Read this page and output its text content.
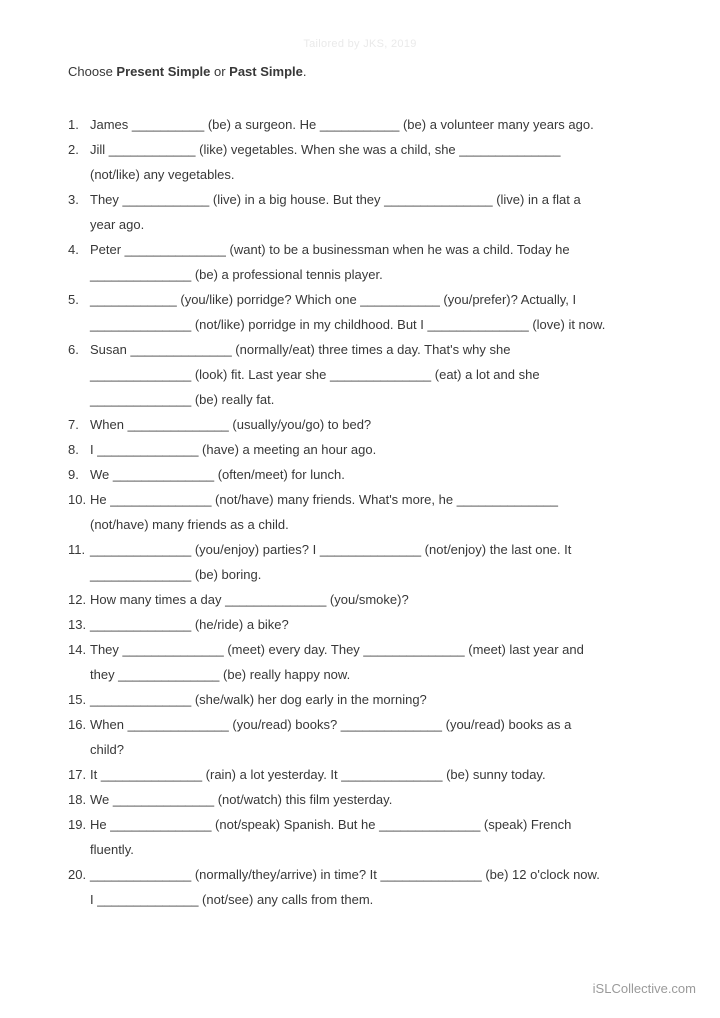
Tailored by JKS, 2019
Choose Present Simple or Past Simple.
1. James __________ (be) a surgeon. He ___________ (be) a volunteer many years ago.
2. Jill ____________ (like) vegetables. When she was a child, she ______________
(not/like) any vegetables.
3. They ____________ (live) in a big house. But they _______________ (live) in a flat a
year ago.
4. Peter ______________ (want) to be a businessman when he was a child. Today he
______________ (be) a professional tennis player.
5. ____________ (you/like) porridge? Which one ___________ (you/prefer)? Actually, I
______________ (not/like) porridge in my childhood. But I ______________ (love) it now.
6. Susan ______________ (normally/eat) three times a day. That's why she
______________ (look) fit. Last year she ______________ (eat) a lot and she
______________ (be) really fat.
7. When ______________ (usually/you/go) to bed?
8. I ______________ (have) a meeting an hour ago.
9. We ______________ (often/meet) for lunch.
10. He ______________ (not/have) many friends. What's more, he ______________
(not/have) many friends as a child.
11. ______________ (you/enjoy) parties? I ______________ (not/enjoy) the last one. It
______________ (be) boring.
12. How many times a day ______________ (you/smoke)?
13. ______________ (he/ride) a bike?
14. They ______________ (meet) every day. They ______________ (meet) last year and
they ______________ (be) really happy now.
15. ______________ (she/walk) her dog early in the morning?
16. When ______________ (you/read) books? ______________ (you/read) books as a
child?
17. It ______________ (rain) a lot yesterday. It ______________ (be) sunny today.
18. We ______________ (not/watch) this film yesterday.
19. He ______________ (not/speak) Spanish. But he ______________ (speak) French
fluently.
20. ______________ (normally/they/arrive) in time? It ______________ (be) 12 o'clock now.
I ______________ (not/see) any calls from them.
iSLCollective.com
